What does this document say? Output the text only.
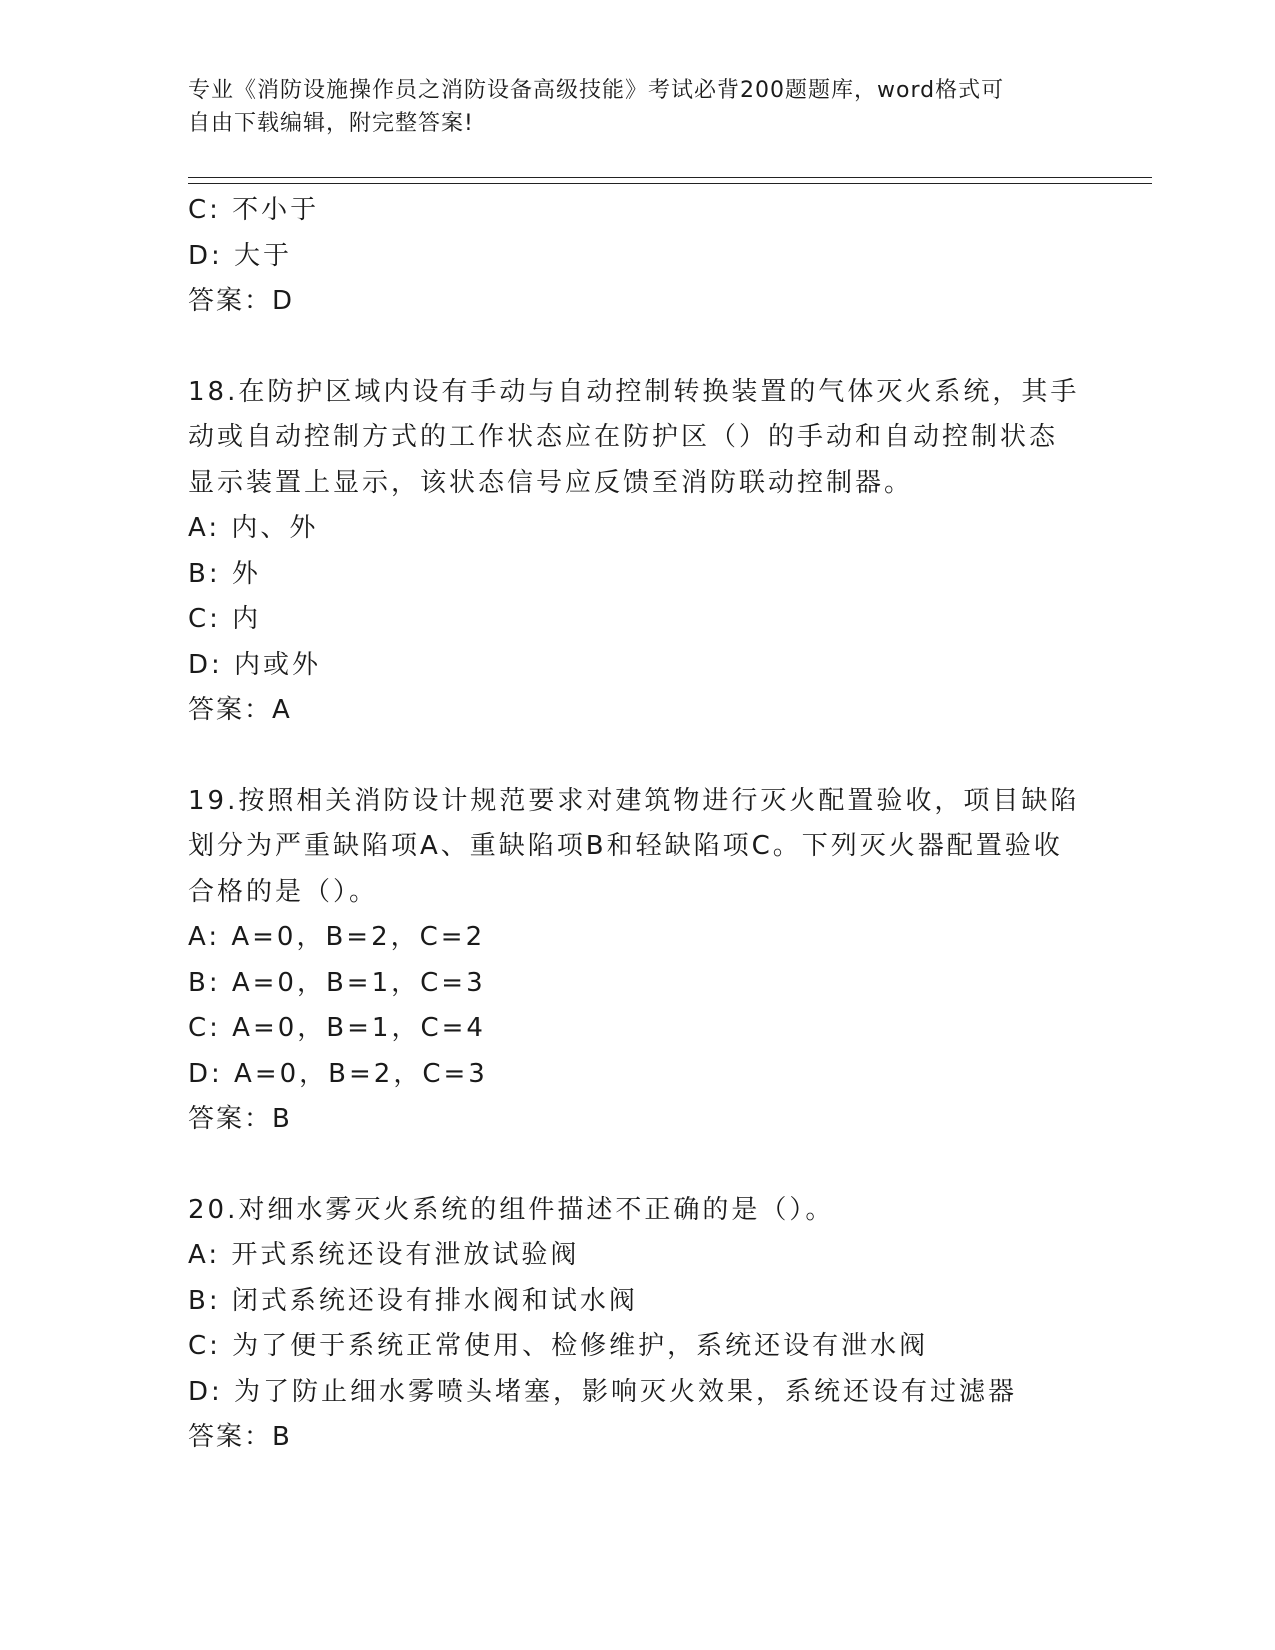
专业《消防设施操作员之消防设备高级技能》考试必背200题题库，word格式可
自由下载编辑，附完整答案!
C: 不小于
D: 大于
答案：D
18.在防护区域内设有手动与自动控制转换装置的气体灭火系统，其手
动或自动控制方式的工作状态应在防护区（）的手动和自动控制状态
显示装置上显示，该状态信号应反馈至消防联动控制器。
A: 内、外
B: 外
C: 内
D: 内或外
答案：A
19.按照相关消防设计规范要求对建筑物进行灭火配置验收，项目缺陷
划分为严重缺陷项A、重缺陷项B和轻缺陷项C。下列灭火器配置验收
合格的是（）。
A: A=0，B=2，C=2
B: A=0，B=1，C=3
C: A=0，B=1，C=4
D: A=0，B=2，C=3
答案：B
20.对细水雾灭火系统的组件描述不正确的是（）。
A: 开式系统还设有泄放试验阀
B: 闭式系统还设有排水阀和试水阀
C: 为了便于系统正常使用、检修维护，系统还设有泄水阀
D: 为了防止细水雾喷头堵塞，影响灭火效果，系统还设有过滤器
答案：B
